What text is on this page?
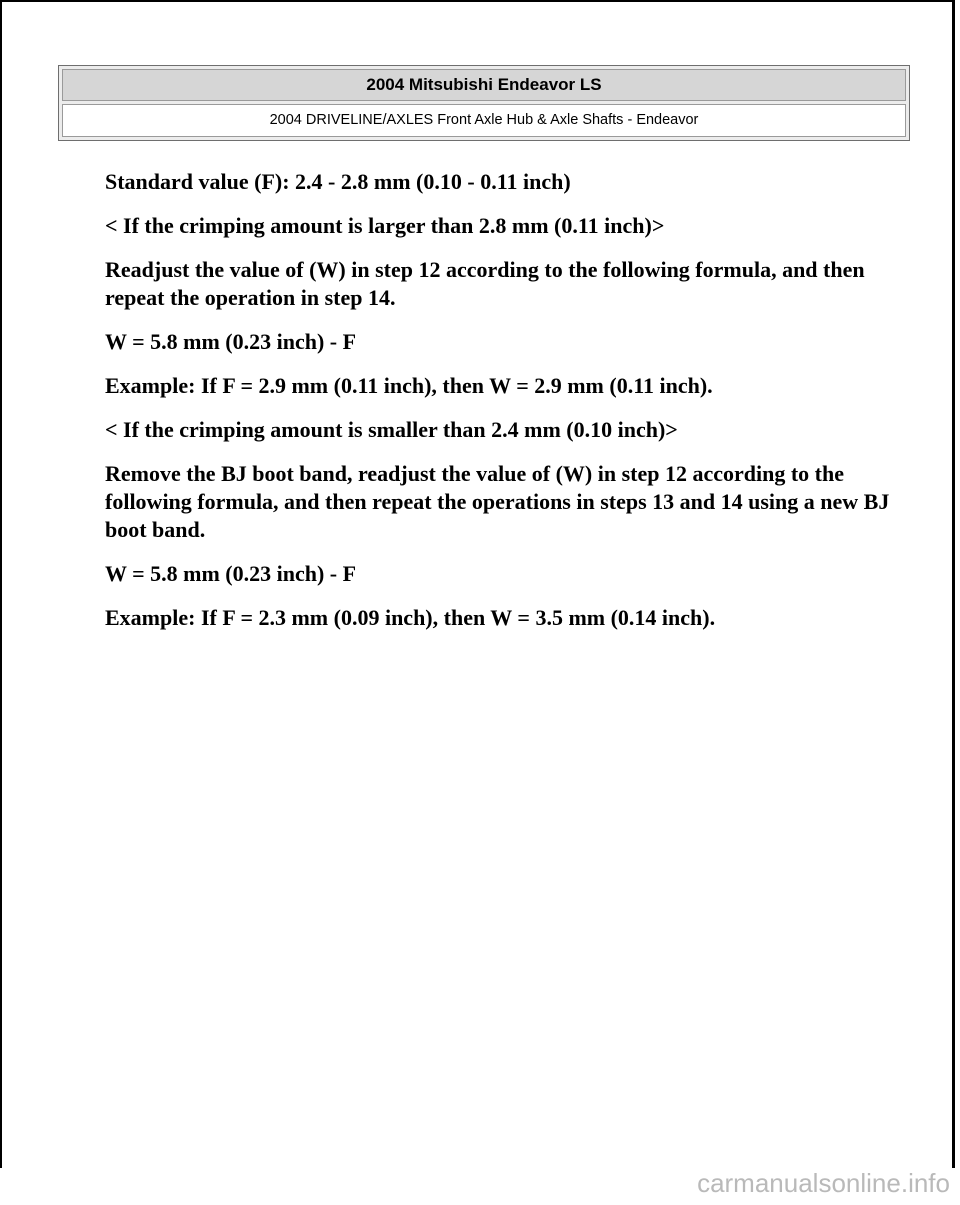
2004 Mitsubishi Endeavor LS
2004 DRIVELINE/AXLES Front Axle Hub & Axle Shafts - Endeavor

Standard value (F): 2.4 - 2.8 mm (0.10 - 0.11 inch)

< If the crimping amount is larger than 2.8 mm (0.11 inch)>

Readjust the value of (W) in step 12 according to the following formula, and then repeat the operation in step 14.

W = 5.8 mm (0.23 inch) - F

Example: If F = 2.9 mm (0.11 inch), then W = 2.9 mm (0.11 inch).

< If the crimping amount is smaller than 2.4 mm (0.10 inch)>

Remove the BJ boot band, readjust the value of (W) in step 12 according to the following formula, and then repeat the operations in steps 13 and 14 using a new BJ boot band.

W = 5.8 mm (0.23 inch) - F

Example: If F = 2.3 mm (0.09 inch), then W = 3.5 mm (0.14 inch).

carmanualsonline.info
